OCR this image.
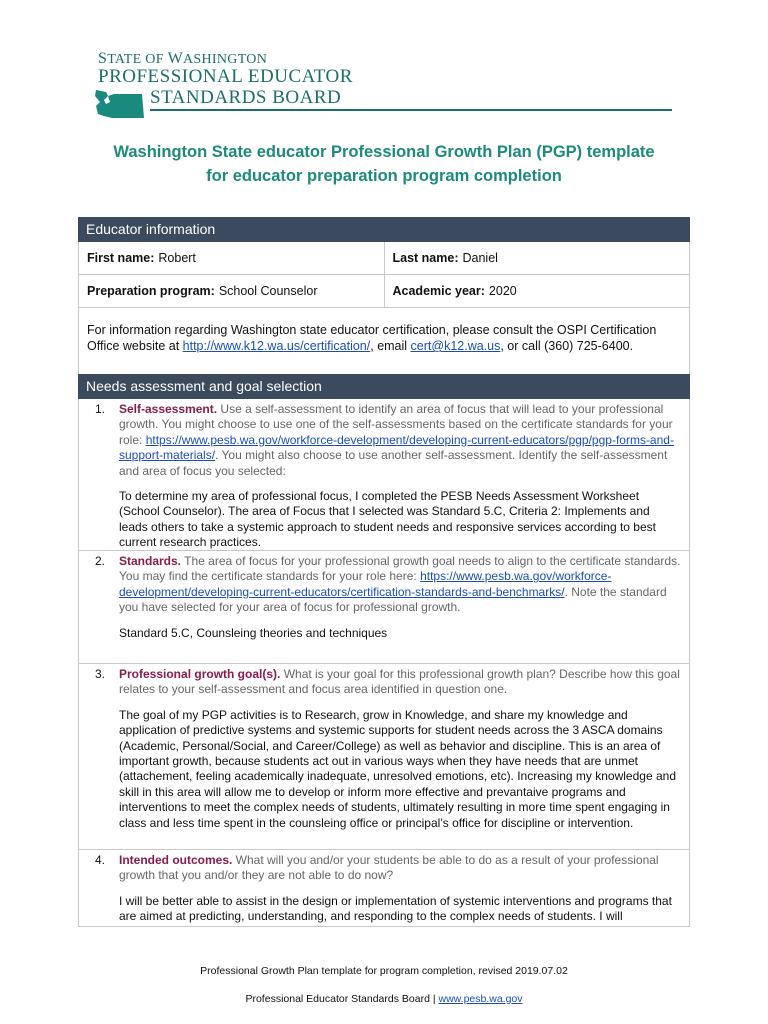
STATE OF WASHINGTON
PROFESSIONAL EDUCATOR
STANDARDS BOARD
Washington State educator Professional Growth Plan (PGP) template
for educator preparation program completion
Educator information
First name: Robert	Last name: Daniel
Preparation program: School Counselor	Academic year: 2020
For information regarding Washington state educator certification, please consult the OSPI Certification Office website at http://www.k12.wa.us/certification/, email cert@k12.wa.us, or call (360) 725-6400.
Needs assessment and goal selection
1. Self-assessment. Use a self-assessment to identify an area of focus that will lead to your professional growth. You might choose to use one of the self-assessments based on the certificate standards for your role: https://www.pesb.wa.gov/workforce-development/developing-current-educators/pgp/pgp-forms-and-support-materials/. You might also choose to use another self-assessment. Identify the self-assessment and area of focus you selected:
To determine my area of professional focus, I completed the PESB Needs Assessment Worksheet (School Counselor). The area of Focus that I selected was Standard 5.C, Criteria 2: Implements and leads others to take a systemic approach to student needs and responsive services according to best current research practices.
2. Standards. The area of focus for your professional growth goal needs to align to the certificate standards. You may find the certificate standards for your role here: https://www.pesb.wa.gov/workforce-development/developing-current-educators/certification-standards-and-benchmarks/. Note the standard you have selected for your area of focus for professional growth.
Standard 5.C, Counsleing theories and techniques
3. Professional growth goal(s). What is your goal for this professional growth plan? Describe how this goal relates to your self-assessment and focus area identified in question one.
The goal of my PGP activities is to Research, grow in Knowledge, and share my knowledge and application of predictive systems and systemic supports for student needs across the 3 ASCA domains (Academic, Personal/Social, and Career/College) as well as behavior and discipline. This is an area of important growth, because students act out in various ways when they have needs that are unmet (attachement, feeling academically inadequate, unresolved emotions, etc). Increasing my knowledge and skill in this area will allow me to develop or inform more effective and prevantaive programs and interventions to meet the complex needs of students, ultimately resulting in more time spent engaging in class and less time spent in the counsleing office or principal’s office for discipline or intervention.
4. Intended outcomes. What will you and/or your students be able to do as a result of your professional growth that you and/or they are not able to do now?
I will be better able to assist in the design or implementation of systemic interventions and programs that are aimed at predicting, understanding, and responding to the complex needs of students. I will
Professional Growth Plan template for program completion, revised 2019.07.02
Professional Educator Standards Board | www.pesb.wa.gov
